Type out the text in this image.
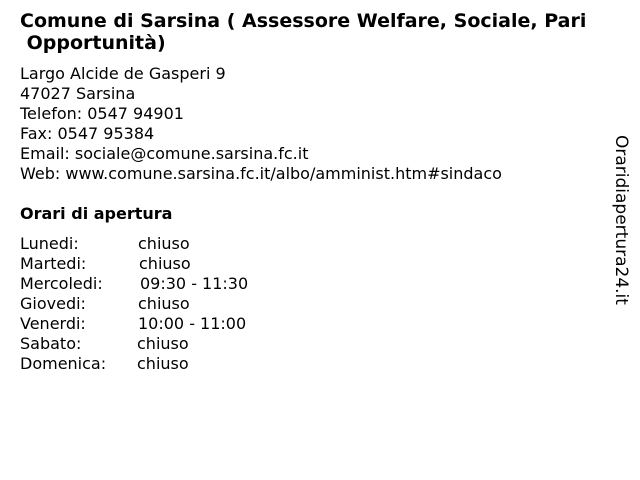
Comune di Sarsina ( Assessore Welfare, Sociale, Pari
Opportunità)
Largo Alcide de Gasperi 9
47027 Sarsina
Telefon: 0547 94901
Fax: 0547 95384
Email: sociale@comune.sarsina.fc.it
Web: www.comune.sarsina.fc.it/albo/amminist.htm#sindaco
Orari di apertura
Lunedi:	chiuso
Martedi:	chiuso
Mercoledi: 09:30 - 11:30
Giovedi:	chiuso
Venerdi:	10:00 - 11:00
Sabato:	chiuso
Domenica: chiuso
Oraridiapertura24.it
